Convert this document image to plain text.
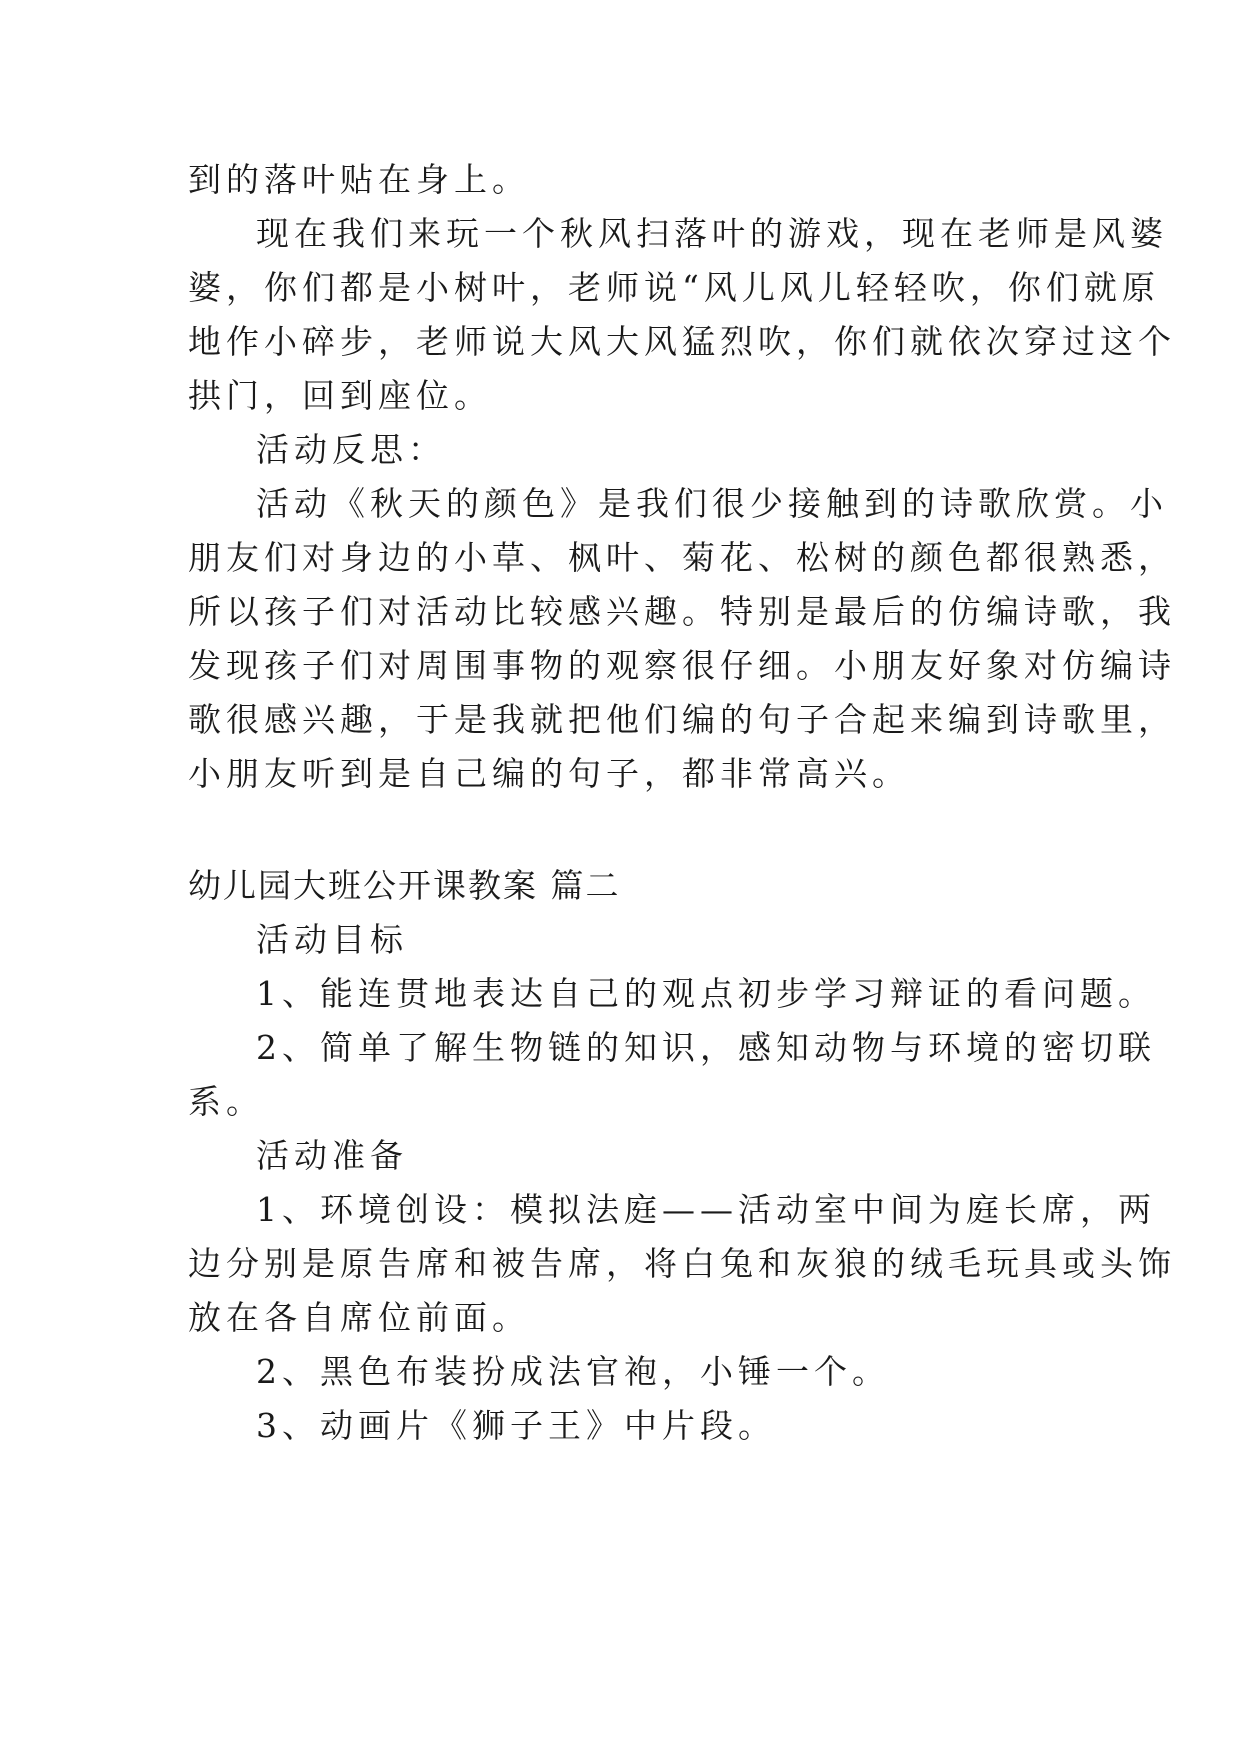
到的落叶贴在身上。
现在我们来玩一个秋风扫落叶的游戏，现在老师是风婆
婆，你们都是小树叶，老师说“风儿风儿轻轻吹，你们就原
地作小碎步，老师说大风大风猛烈吹，你们就依次穿过这个
拱门，回到座位。
活动反思：
活动《秋天的颜色》是我们很少接触到的诗歌欣赏。小
朋友们对身边的小草、枫叶、菊花、松树的颜色都很熟悉，
所以孩子们对活动比较感兴趣。特别是最后的仿编诗歌，我
发现孩子们对周围事物的观察很仔细。小朋友好象对仿编诗
歌很感兴趣，于是我就把他们编的句子合起来编到诗歌里，
小朋友听到是自己编的句子，都非常高兴。
幼儿园大班公开课教案 篇二
活动目标
1、能连贯地表达自己的观点初步学习辩证的看问题。
2、简单了解生物链的知识，感知动物与环境的密切联
系。
活动准备
1、环境创设：模拟法庭——活动室中间为庭长席，两
边分别是原告席和被告席，将白兔和灰狼的绒毛玩具或头饰
放在各自席位前面。
2、黑色布装扮成法官袍，小锤一个。
3、动画片《狮子王》中片段。
